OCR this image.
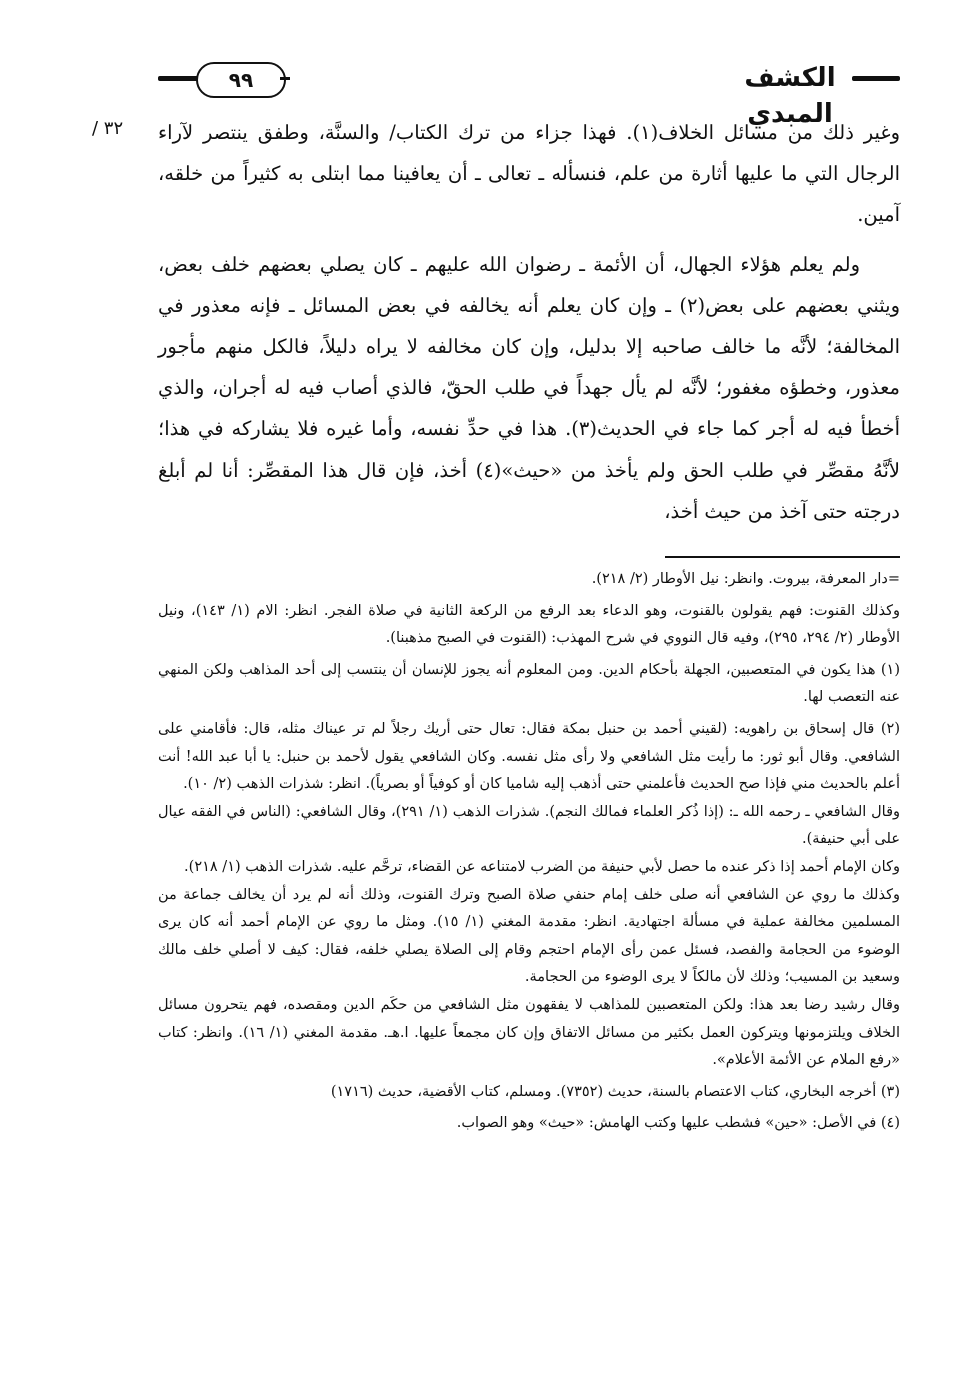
٩٩	الكشف المبدي
٣٢ / وغير ذلك من مسائل الخلاف(١). فهذا جزاء من ترك الكتاب/ والسنَّة، وطفق ينتصر لآراء الرجال التي ما عليها أثارة من علم، فنسأله ـ تعالى ـ أن يعافينا مما ابتلى به كثيراً من خلقه، آمين.

ولم يعلم هؤلاء الجهال، أن الأئمة ـ رضوان الله عليهم ـ كان يصلي بعضهم خلف بعض، ويثني بعضهم على بعض(٢) ـ وإن كان يعلم أنه يخالفه في بعض المسائل ـ فإنه معذور في المخالفة؛ لأنَّه ما خالف صاحبه إلا بدليل، وإن كان مخالفه لا يراه دليلاً، فالكل منهم مأجور معذور، وخطؤه مغفور؛ لأنَّه لم يأل جهداً في طلب الحقّ، فالذي أصاب فيه له أجران، والذي أخطأ فيه له أجر كما جاء في الحديث(٣). هذا في حدِّ نفسه، وأما غيره فلا يشاركه في هذا؛ لأنَّهُ مقصِّر في طلب الحق ولم يأخذ من «حيث»(٤) أخذ، فإن قال هذا المقصِّر: أنا لم أبلغ درجته حتى آخذ من حيث أخذ،

=دار المعرفة، بيروت. وانظر: نيل الأوطار (٢/ ٢١٨).

وكذلك القنوت: فهم يقولون بالقنوت، وهو الدعاء بعد الرفع من الركعة الثانية في صلاة الفجر. انظر: الام (١/ ١٤٣)، ونيل الأوطار (٢/ ٢٩٤، ٢٩٥)، وفيه قال النووي في شرح المهذب: (القنوت في الصبح مذهبنا).

(١) هذا يكون في المتعصبين، الجهلة بأحكام الدين. ومن المعلوم أنه يجوز للإنسان أن ينتسب إلى أحد المذاهب ولكن المنهي عنه التعصب لها.

(٢) قال إسحاق بن راهويه: (لقيني أحمد بن حنبل بمكة فقال: تعال حتى أريك رجلاً لم تر عيناك مثله، قال: فأقامني على الشافعي. وقال أبو ثور: ما رأيت مثل الشافعي ولا رأى مثل نفسه. وكان الشافعي يقول لأحمد بن حنبل: يا أبا عبد الله! أنت أعلم بالحديث مني فإذا صح الحديث فأعلمني حتى أذهب إليه شاميا كان أو كوفياً أو بصرياً). انظر: شذرات الذهب (٢/ ١٠).
وقال الشافعي ـ رحمه الله ـ: (إذا ذُكر العلماء فمالك النجم). شذرات الذهب (١/ ٢٩١)، وقال الشافعي: (الناس في الفقه عيال على أبي حنيفة).
وكان الإمام أحمد إذا ذكر عنده ما حصل لأبي حنيفة من الضرب لامتناعه عن القضاء، ترحَّم عليه. شذرات الذهب (١/ ٢١٨).
وكذلك ما روي عن الشافعي أنه صلى خلف إمام حنفي صلاة الصبح وترك القنوت، وذلك أنه لم يرد أن يخالف جماعة من المسلمين مخالفة عملية في مسألة اجتهادية. انظر: مقدمة المغني (١/ ١٥). ومثل ما روي عن الإمام أحمد أنه كان يرى الوضوء من الحجامة والفصد، فسئل عمن رأى الإمام احتجم وقام إلى الصلاة يصلي خلفه، فقال: كيف لا أصلي خلف مالك وسعيد بن المسيب؛ وذلك لأن مالكاً لا يرى الوضوء من الحجامة.
وقال رشيد رضا بعد هذا: ولكن المتعصبين للمذاهب لا يفقهون مثل الشافعي من حكَم الدين ومقصده، فهم يتحرون مسائل الخلاف ويلتزمونها ويتركون العمل بكثير من مسائل الاتفاق وإن كان مجمعاً عليها. ا.هـ. مقدمة المغني (١/ ١٦). وانظر: كتاب «رفع الملام عن الأئمة الأعلام».

(٣) أخرجه البخاري، كتاب الاعتصام بالسنة، حديث (٧٣٥٢). ومسلم، كتاب الأقضية، حديث (١٧١٦)

(٤) في الأصل: «حين» فشطب عليها وكتب الهامش: «حيث» وهو الصواب.
